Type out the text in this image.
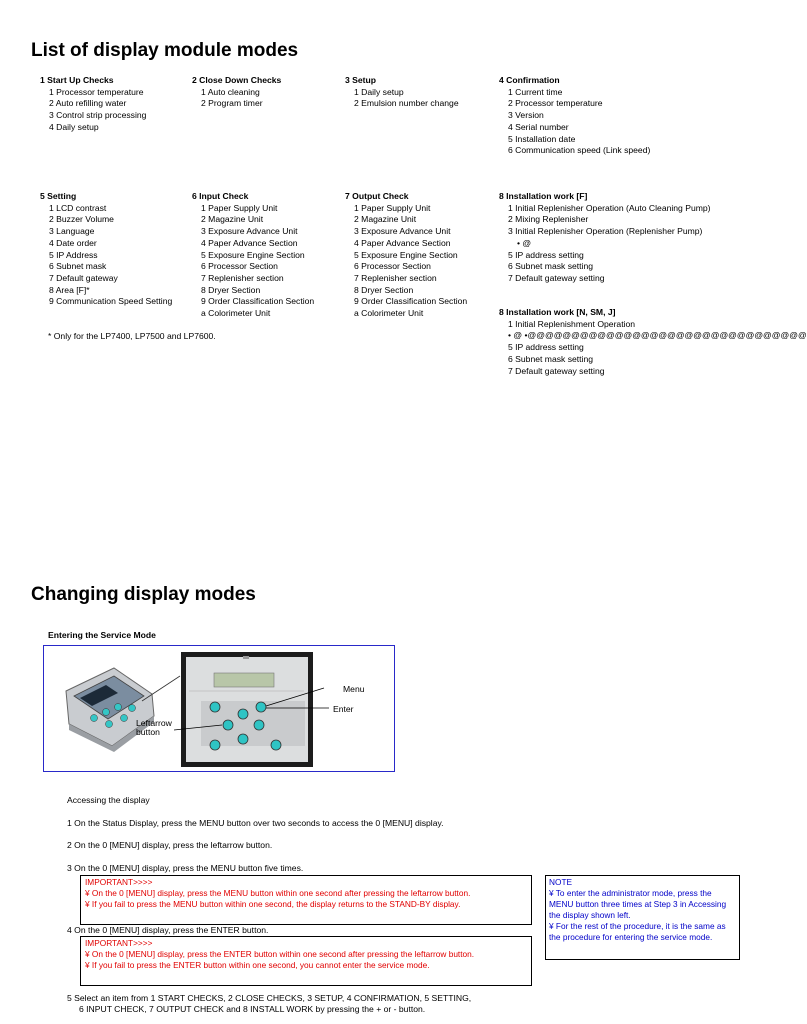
List of display module modes
1 Start Up Checks
1 Processor temperature
2 Auto refilling water
3 Control strip processing
4 Daily setup
2 Close Down Checks
1 Auto cleaning
2 Program timer
3 Setup
1 Daily setup
2 Emulsion number change
4 Confirmation
1 Current time
2 Processor temperature
3 Version
4 Serial number
5 Installation date
6 Communication speed (Link speed)
5 Setting
1 LCD contrast
2 Buzzer Volume
3 Language
4 Date order
5 IP Address
6 Subnet mask
7 Default gateway
8 Area [F]*
9 Communication Speed Setting
6 Input Check
1 Paper Supply Unit
2 Magazine Unit
3 Exposure Advance Unit
4 Paper Advance Section
5 Exposure Engine Section
6 Processor Section
7 Replenisher section
8 Dryer Section
9 Order Classification Section
a Colorimeter Unit
7 Output Check
1 Paper Supply Unit
2 Magazine Unit
3 Exposure Advance Unit
4 Paper Advance Section
5 Exposure Engine Section
6 Processor Section
7 Replenisher section
8 Dryer Section
9 Order Classification Section
a Colorimeter Unit
8 Installation work [F]
1 Initial Replenisher Operation (Auto Cleaning Pump)
2 Mixing Replenisher
3 Initial Replenisher Operation (Replenisher Pump)
• @
5 IP address setting
6 Subnet mask setting
7 Default gateway setting
8 Installation work [N, SM, J]
1 Initial Replenishment Operation
• @ •@@@@@@@@@@@@@@@@@@@@@@@@@@@@@@@@
5 IP address setting
6 Subnet mask setting
7 Default gateway setting
* Only for the LP7400, LP7500 and LP7600.
Changing display modes
Entering the Service Mode
Menu
Enter
Leftarrow
button
Accessing the display
1 On the Status Display, press the MENU button over two seconds to access the 0 [MENU] display.
2 On the 0 [MENU] display, press the leftarrow button.
3 On the 0 [MENU] display, press the MENU button five times.
IMPORTANT>>>>
¥ On the 0 [MENU] display, press the MENU button within one second after pressing the leftarrow button.
¥ If you fail to press the MENU button within one second, the display returns to the STAND-BY display.
4 On the 0 [MENU] display, press the ENTER button.
IMPORTANT>>>>
¥ On the 0 [MENU] display, press the ENTER button within one second after pressing the leftarrow button.
¥ If you fail to press the ENTER button within one second, you cannot enter the service mode.
NOTE
¥ To enter the administrator mode, press the MENU button three times at Step 3 in Accessing the display shown left.
¥ For the rest of the procedure, it is the same as the procedure for entering the service mode.
5 Select an item from 1 START CHECKS, 2 CLOSE CHECKS, 3 SETUP, 4 CONFIRMATION, 5 SETTING,
6 INPUT CHECK, 7 OUTPUT CHECK and 8 INSTALL WORK by pressing the + or - button.
